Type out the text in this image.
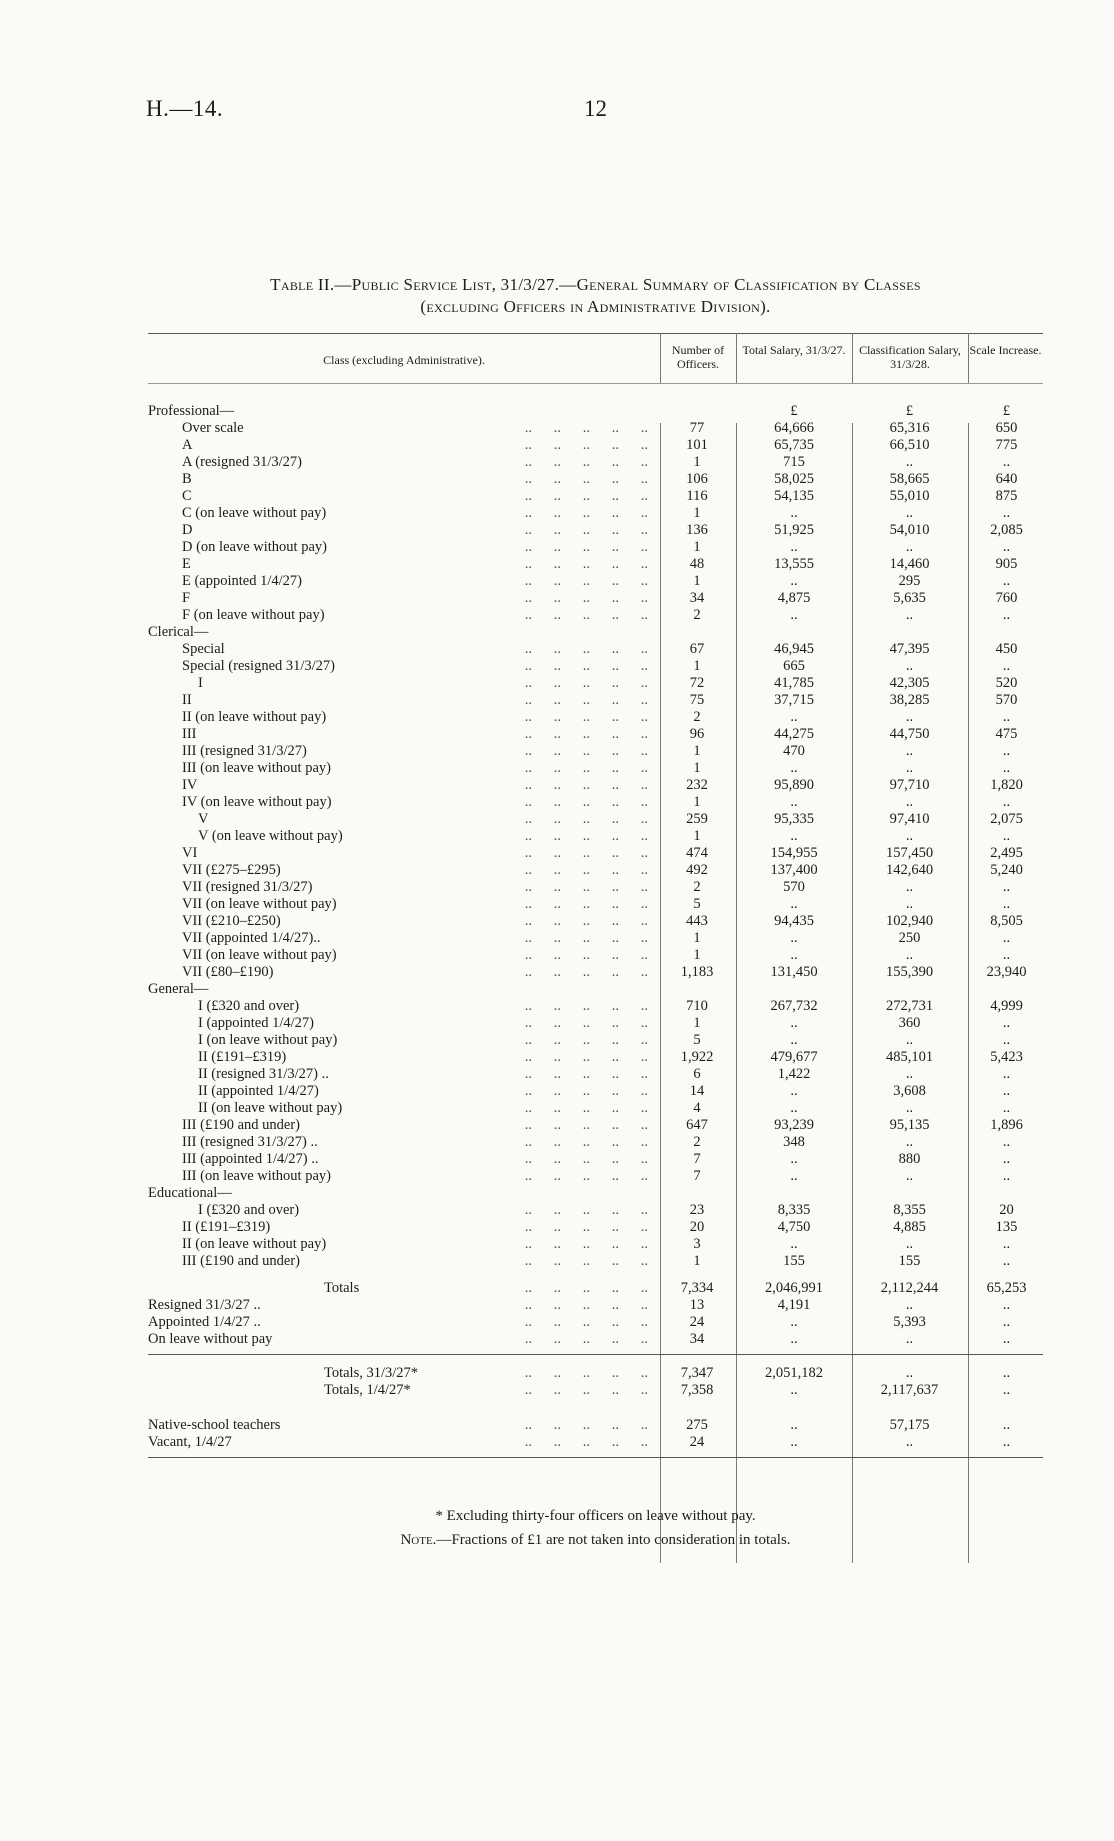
H.—14.	12
Table II.—Public Service List, 31/3/27.—General Summary of Classification by Classes
(excluding Officers in Administrative Division).
Class (excluding Administrative).
Number of Officers.
Total Salary, 31/3/27.	Classification Salary, 31/3/28.
Scale Increase.
Professional—	£	£	£
Over scale	..      ..      ..      ..      ..	77	64,666	65,316	650
A	..      ..      ..      ..      ..	101	65,735	66,510	775
A (resigned 31/3/27)	..      ..      ..      ..      ..	1	715	..	..
B	..      ..      ..      ..      ..	106	58,025	58,665	640
C	..      ..      ..      ..      ..	116	54,135	55,010	875
C (on leave without pay)	..      ..      ..      ..      ..	1	..	..	..
D	..      ..      ..      ..      ..	136	51,925	54,010	2,085
D (on leave without pay)	..      ..      ..      ..      ..	1	..	..	..
E	..      ..      ..      ..      ..	48	13,555	14,460	905
E (appointed 1/4/27)	..      ..      ..      ..      ..	1	..	295	..
F	..      ..      ..      ..      ..	34	4,875	5,635	760
F (on leave without pay)	..      ..      ..      ..      ..	2	..	..	..
Clerical—
Special	..      ..      ..      ..      ..	67	46,945	47,395	450
Special (resigned 31/3/27)	..      ..      ..      ..      ..	1	665	..	..
I	..      ..      ..      ..      ..	72	41,785	42,305	520
II	..      ..      ..      ..      ..	75	37,715	38,285	570
II (on leave without pay)	..      ..      ..      ..      ..	2	..	..	..
III	..      ..      ..      ..      ..	96	44,275	44,750	475
III (resigned 31/3/27)	..      ..      ..      ..      ..	1	470	..	..
III (on leave without pay)	..      ..      ..      ..      ..	1	..	..	..
IV	..      ..      ..      ..      ..	232	95,890	97,710	1,820
IV (on leave without pay)	..      ..      ..      ..      ..	1	..	..	..
V	..      ..      ..      ..      ..	259	95,335	97,410	2,075
V (on leave without pay)	..      ..      ..      ..      ..	1	..	..	..
VI	..      ..      ..      ..      ..	474	154,955	157,450	2,495
VII (£275–£295)	..      ..      ..      ..      ..	492	137,400	142,640	5,240
VII (resigned 31/3/27)	..      ..      ..      ..      ..	2	570	..	..
VII (on leave without pay)	..      ..      ..      ..      ..	5	..	..	..
VII (£210–£250)	..      ..      ..      ..      ..	443	94,435	102,940	8,505
VII (appointed 1/4/27)..	..      ..      ..      ..      ..	1	..	250	..
VII (on leave without pay)	..      ..      ..      ..      ..	1	..	..	..
VII (£80–£190)	..      ..      ..      ..      ..	1,183	131,450	155,390	23,940
General—
I (£320 and over)	..      ..      ..      ..      ..	710	267,732	272,731	4,999
I (appointed 1/4/27)	..      ..      ..      ..      ..	1	..	360	..
I (on leave without pay)	..      ..      ..      ..      ..	5	..	..	..
II (£191–£319)	..      ..      ..      ..      ..	1,922	479,677	485,101	5,423
II (resigned 31/3/27) ..	..      ..      ..      ..      ..	6	1,422	..	..
II (appointed 1/4/27)	..      ..      ..      ..      ..	14	..	3,608	..
II (on leave without pay)	..      ..      ..      ..      ..	4	..	..	..
III (£190 and under)	..      ..      ..      ..      ..	647	93,239	95,135	1,896
III (resigned 31/3/27) ..	..      ..      ..      ..      ..	2	348	..	..
III (appointed 1/4/27) ..	..      ..      ..      ..      ..	7	..	880	..
III (on leave without pay)	..      ..      ..      ..      ..	7	..	..	..
Educational—
I (£320 and over)	..      ..      ..      ..      ..	23	8,335	8,355	20
II (£191–£319)	..      ..      ..      ..      ..	20	4,750	4,885	135
II (on leave without pay)	..      ..      ..      ..      ..	3	..	..	..
III (£190 and under)	..      ..      ..      ..      ..	1	155	155	..
Totals	..      ..      ..      ..      ..	7,334	2,046,991	2,112,244	65,253
Resigned 31/3/27 ..	..      ..      ..      ..      ..	13	4,191	..	..
Appointed 1/4/27 ..	..      ..      ..      ..      ..	24	..	5,393	..
On leave without pay	..      ..      ..      ..      ..	34	..	..	..
Totals, 31/3/27*	..      ..      ..      ..      ..	7,347	2,051,182	..	..
Totals, 1/4/27*	..      ..      ..      ..      ..	7,358	..	2,117,637	..
Native-school teachers	..      ..      ..      ..      ..	275	..	57,175	..
Vacant, 1/4/27	..      ..      ..      ..      ..	24	..	..	..
* Excluding thirty-four officers on leave without pay.
Note.—Fractions of £1 are not taken into consideration in totals.
